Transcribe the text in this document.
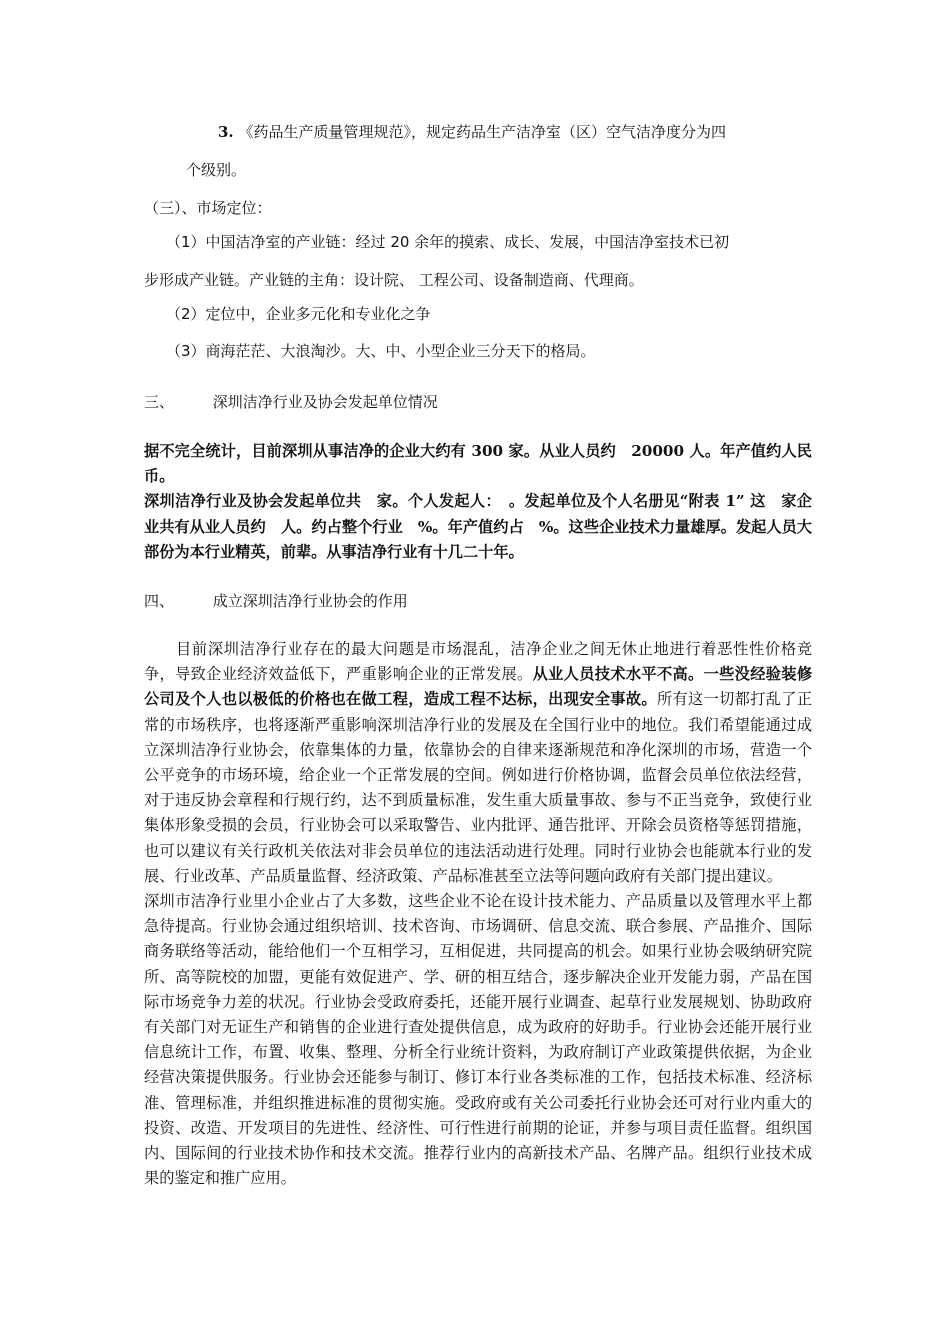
3. 《药品生产质量管理规范》，规定药品生产洁净室（区）空气洁净度分为四
个级别。
（三）、市场定位：
（1）中国洁净室的产业链：经过 20 余年的摸索、成长、发展，中国洁净室技术已初
步形成产业链。产业链的主角：设计院、 工程公司、设备制造商、代理商。
（2）定位中，企业多元化和专业化之争
（3）商海茫茫、大浪淘沙。大、中、小型企业三分天下的格局。
三、	深圳洁净行业及协会发起单位情况

据不完全统计，目前深圳从事洁净的企业大约有 300 家。从业人员约　20000 人。年产值约人民币。

深圳洁净行业及协会发起单位共　家。个人发起人：　。发起单位及个人名册见“附表 1” 这　家企业共有从业人员约　人。约占整个行业　%。年产值约占　%。这些企业技术力量雄厚。发起人员大部份为本行业精英，前辈。从事洁净行业有十几二十年。

四、	成立深圳洁净行业协会的作用

目前深圳洁净行业存在的最大问题是市场混乱，洁净企业之间无休止地进行着恶性性价格竞争，导致企业经济效益低下，严重影响企业的正常发展。从业人员技术水平不高。一些没经验装修公司及个人也以极低的价格也在做工程，造成工程不达标，出现安全事故。所有这一切都打乱了正常的市场秩序，也将逐渐严重影响深圳洁净行业的发展及在全国行业中的地位。我们希望能通过成立深圳洁净行业协会，依靠集体的力量，依靠协会的自律来逐渐规范和净化深圳的市场，营造一个公平竞争的市场环境，给企业一个正常发展的空间。例如进行价格协调，监督会员单位依法经营，对于违反协会章程和行规行约，达不到质量标准，发生重大质量事故、参与不正当竞争，致使行业集体形象受损的会员，行业协会可以采取警告、业内批评、通告批评、开除会员资格等惩罚措施，也可以建议有关行政机关依法对非会员单位的违法活动进行处理。同时行业协会也能就本行业的发展、行业改革、产品质量监督、经济政策、产品标准甚至立法等问题向政府有关部门提出建议。

深圳市洁净行业里小企业占了大多数，这些企业不论在设计技术能力、产品质量以及管理水平上都急待提高。行业协会通过组织培训、技术咨询、市场调研、信息交流、联合参展、产品推介、国际商务联络等活动，能给他们一个互相学习，互相促进，共同提高的机会。如果行业协会吸纳研究院所、高等院校的加盟，更能有效促进产、学、研的相互结合，逐步解决企业开发能力弱，产品在国际市场竞争力差的状况。行业协会受政府委托，还能开展行业调查、起草行业发展规划、协助政府有关部门对无证生产和销售的企业进行查处提供信息，成为政府的好助手。行业协会还能开展行业信息统计工作，布置、收集、整理、分析全行业统计资料，为政府制订产业政策提供依据，为企业经营决策提供服务。行业协会还能参与制订、修订本行业各类标准的工作，包括技术标准、经济标准、管理标准，并组织推进标准的贯彻实施。受政府或有关公司委托行业协会还可对行业内重大的投资、改造、开发项目的先进性、经济性、可行性进行前期的论证，并参与项目责任监督。组织国内、国际间的行业技术协作和技术交流。推荐行业内的高新技术产品、名牌产品。组织行业技术成果的鉴定和推广应用。
